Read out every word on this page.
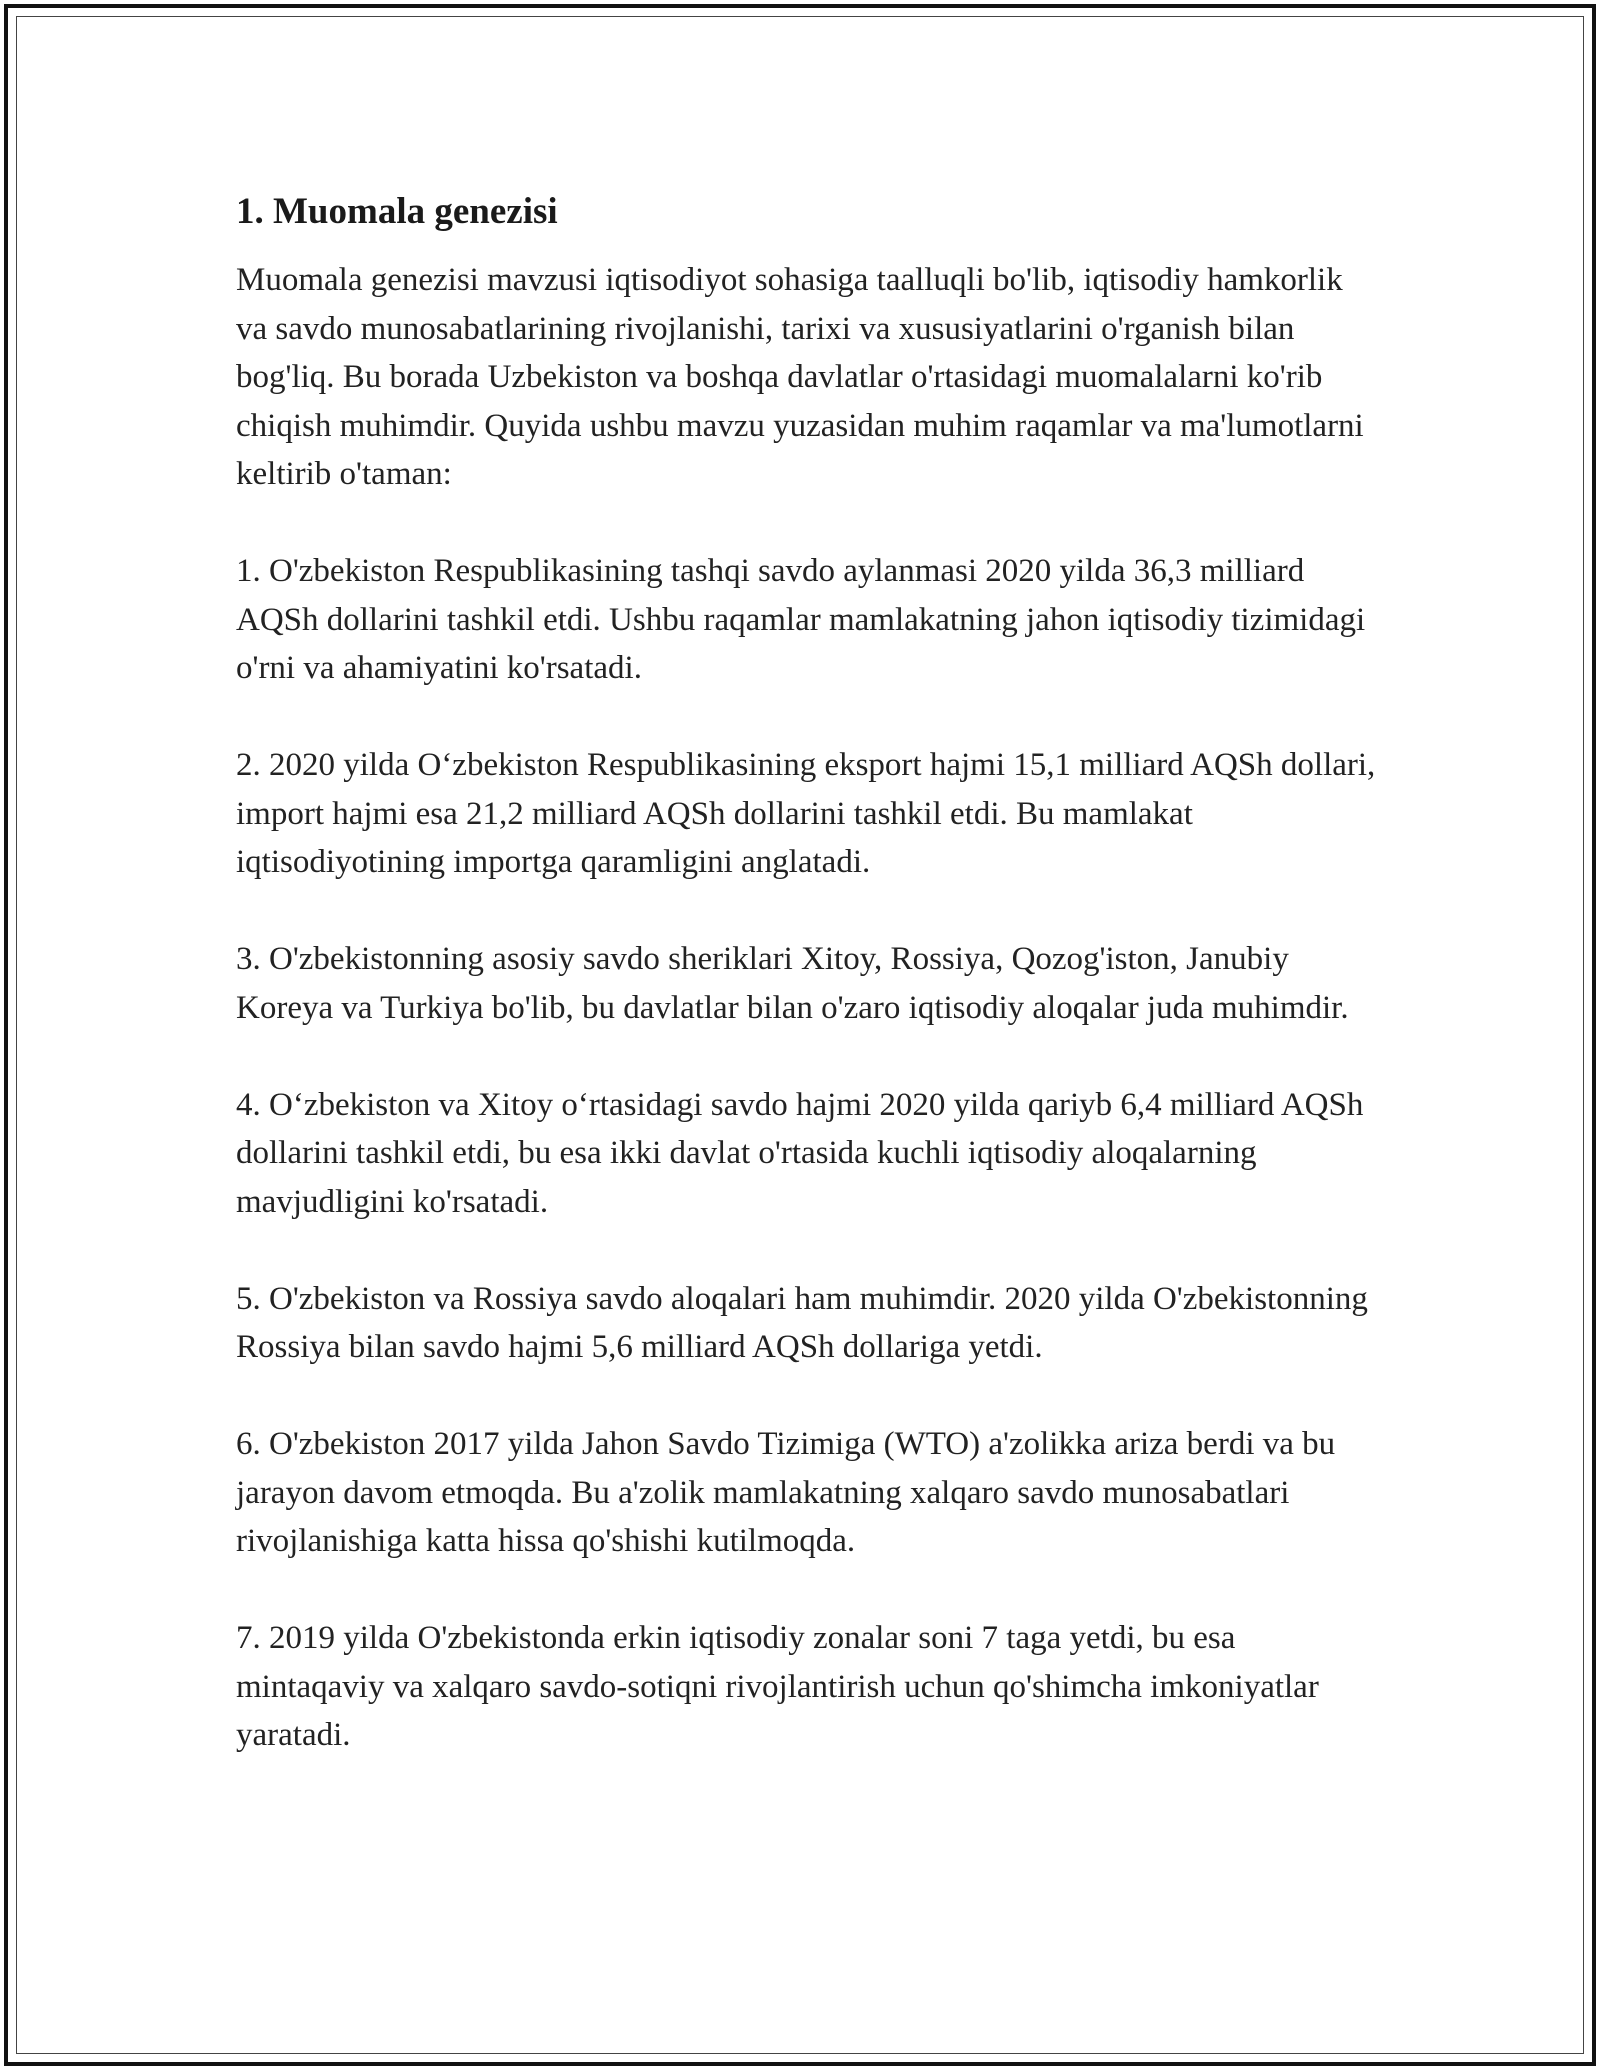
1. Muomala genezisi

Muomala genezisi mavzusi iqtisodiyot sohasiga taalluqli bo'lib, iqtisodiy hamkorlik va savdo munosabatlarining rivojlanishi, tarixi va xususiyatlarini o'rganish bilan bog'liq. Bu borada Uzbekiston va boshqa davlatlar o'rtasidagi muomalalarni ko'rib chiqish muhimdir. Quyida ushbu mavzu yuzasidan muhim raqamlar va ma'lumotlarni keltirib o'taman:

1. O'zbekiston Respublikasining tashqi savdo aylanmasi 2020 yilda 36,3 milliard AQSh dollarini tashkil etdi. Ushbu raqamlar mamlakatning jahon iqtisodiy tizimidagi o'rni va ahamiyatini ko'rsatadi.

2. 2020 yilda O‘zbekiston Respublikasining eksport hajmi 15,1 milliard AQSh dollari, import hajmi esa 21,2 milliard AQSh dollarini tashkil etdi. Bu mamlakat iqtisodiyotining importga qaramligini anglatadi.

3. O'zbekistonning asosiy savdo sheriklari Xitoy, Rossiya, Qozog'iston, Janubiy Koreya va Turkiya bo'lib, bu davlatlar bilan o'zaro iqtisodiy aloqalar juda muhimdir.

4. O‘zbekiston va Xitoy o‘rtasidagi savdo hajmi 2020 yilda qariyb 6,4 milliard AQSh dollarini tashkil etdi, bu esa ikki davlat o'rtasida kuchli iqtisodiy aloqalarning mavjudligini ko'rsatadi.

5. O'zbekiston va Rossiya savdo aloqalari ham muhimdir. 2020 yilda O'zbekistonning Rossiya bilan savdo hajmi 5,6 milliard AQSh dollariga yetdi.

6. O'zbekiston 2017 yilda Jahon Savdo Tizimiga (WTO) a'zolikka ariza berdi va bu jarayon davom etmoqda. Bu a'zolik mamlakatning xalqaro savdo munosabatlari rivojlanishiga katta hissa qo'shishi kutilmoqda.

7. 2019 yilda O'zbekistonda erkin iqtisodiy zonalar soni 7 taga yetdi, bu esa mintaqaviy va xalqaro savdo-sotiqni rivojlantirish uchun qo'shimcha imkoniyatlar yaratadi.
